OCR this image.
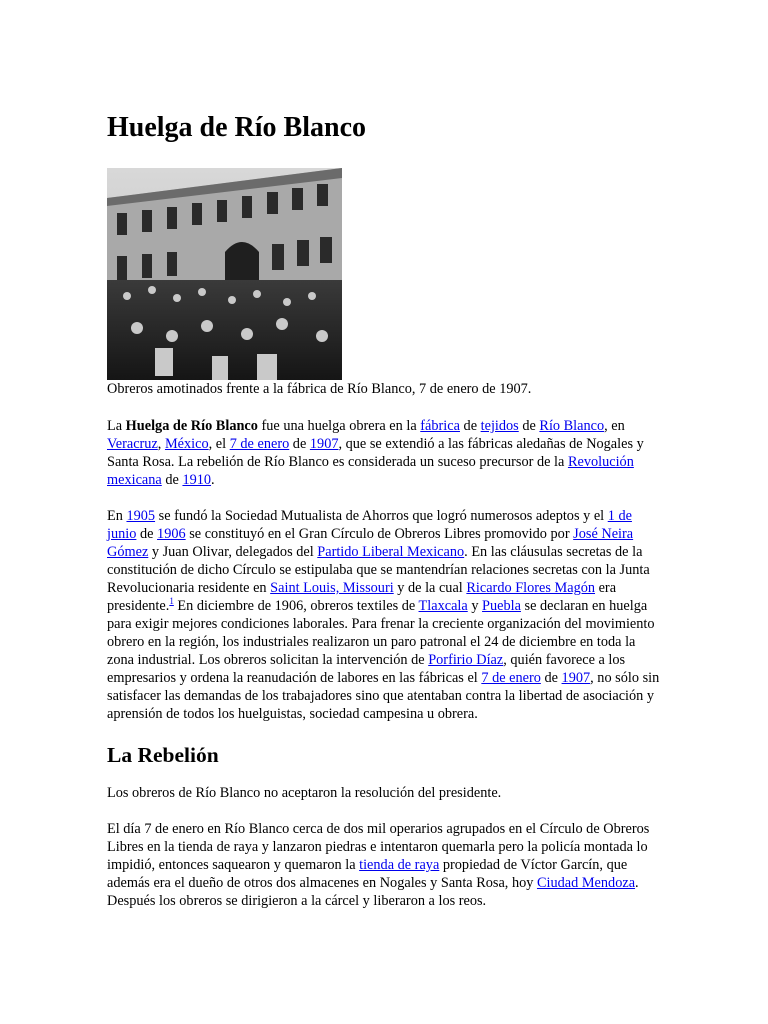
Huelga de Río Blanco
Obreros amotinados frente a la fábrica de Río Blanco, 7 de enero de 1907.

La Huelga de Río Blanco fue una huelga obrera en la fábrica de tejidos de Río Blanco, en Veracruz, México, el 7 de enero de 1907, que se extendió a las fábricas aledañas de Nogales y Santa Rosa. La rebelión de Río Blanco es considerada un suceso precursor de la Revolución mexicana de 1910.

En 1905 se fundó la Sociedad Mutualista de Ahorros que logró numerosos adeptos y el 1 de junio de 1906 se constituyó en el Gran Círculo de Obreros Libres promovido por José Neira Gómez y Juan Olivar, delegados del Partido Liberal Mexicano. En las cláusulas secretas de la constitución de dicho Círculo se estipulaba que se mantendrían relaciones secretas con la Junta Revolucionaria residente en Saint Louis, Missouri y de la cual Ricardo Flores Magón era presidente.$^1$ En diciembre de 1906, obreros textiles de Tlaxcala y Puebla se declaran en huelga para exigir mejores condiciones laborales. Para frenar la creciente organización del movimiento obrero en la región, los industriales realizaron un paro patronal el 24 de diciembre en toda la zona industrial. Los obreros solicitan la intervención de Porfirio Díaz, quién favorece a los empresarios y ordena la reanudación de labores en las fábricas el 7 de enero de 1907, no sólo sin satisfacer las demandas de los trabajadores sino que atentaban contra la libertad de asociación y aprensión de todos los huelguistas, sociedad campesina u obrera.

La Rebelión

Los obreros de Río Blanco no aceptaron la resolución del presidente.

El día 7 de enero en Río Blanco cerca de dos mil operarios agrupados en el Círculo de Obreros Libres en la tienda de raya y lanzaron piedras e intentaron quemarla pero la policía montada lo impidió, entonces saquearon y quemaron la tienda de raya propiedad de Víctor Garcín, que además era el dueño de otros dos almacenes en Nogales y Santa Rosa, hoy Ciudad Mendoza. Después los obreros se dirigieron a la cárcel y liberaron a los reos.
